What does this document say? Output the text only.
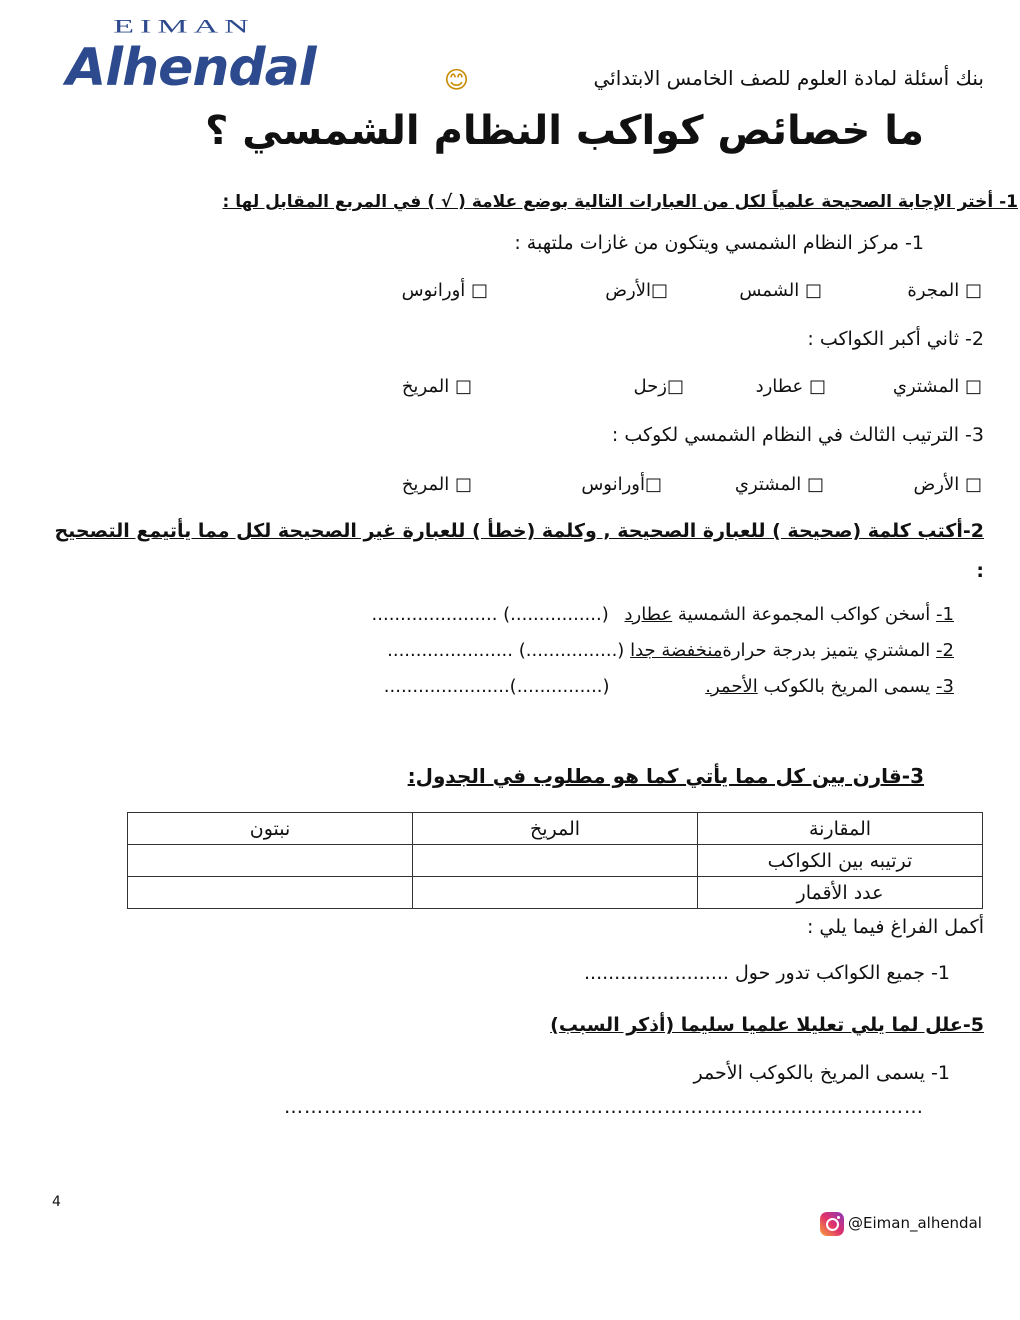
EIMAN
Alhendal	بنك أسئلة لمادة العلوم للصف الخامس الابتدائي
😊
ما خصائص كواكب النظام الشمسي ؟
1- أختر الإجابة الصحيحة علمياً لكل من العبارات التالية بوضع علامة ( √ ) في المربع المقابل لها :
1- مركز النظام الشمسي ويتكون من غازات ملتهبة :
□ المجرة
□ الشمس
□الأرض
□ أورانوس
2- ثاني أكبر الكواكب :
□ المشتري
□ عطارد
□زحل
□ المريخ
3- الترتيب الثالث في النظام الشمسي لكوكب :
□ الأرض
□ المشتري
□أورانوس
□ المريخ
2-أكتب كلمة (صحيحة ) للعبارة الصحيحة , وكلمة (خطأ ) للعبارة غير الصحيحة لكل مما يأتيمع التصحيح
:
1- أسخن كواكب المجموعة الشمسية عطارد (................) ......................
2- المشتري يتميز بدرجة حرارةمنخفضة جدا (................) ......................
3- يسمى المريخ بالكوكب الأحمر. (...............)......................
3-قارن بين كل مما يأتي كما هو مطلوب في الجدول:
المقارنة	المريخ	نبتون
ترتيبه بين الكواكب		
عدد الأقمار		
أكمل الفراغ فيما يلي :
1- جميع الكواكب تدور حول ........................
5-علل لما يلي تعليلا علميا سليما (أذكر السبب)
1- يسمى المريخ بالكوكب الأحمر
……………………………………………………………………………………
4
@Eiman_alhendal
